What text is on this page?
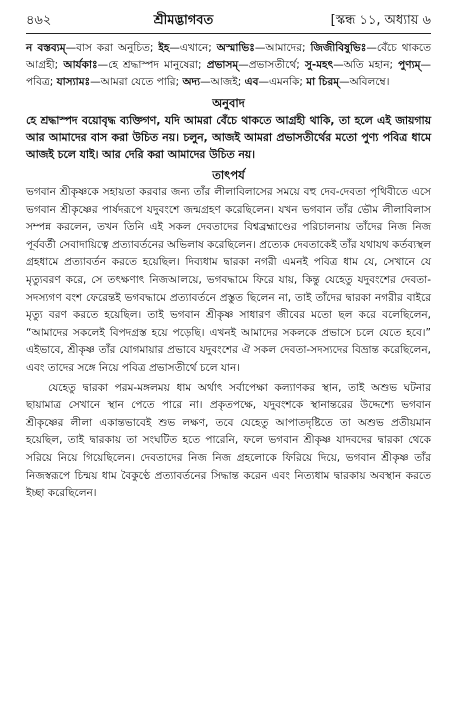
৪৬২	শ্রীমদ্ভাগবত	[স্কন্ধ ১১, অধ্যায় ৬
ন বস্তব্যম্—বাস করা অনুচিত; ইহ—এখানে; অস্মাভিঃ—আমাদের; জিজীবিষুভিঃ—বেঁচে থাকতে আগ্রহী; আর্যকাঃ—হে শ্রদ্ধাস্পদ মানুষেরা; প্রভাসম্—প্রভাসতীর্থে; সু-মহৎ—অতি মহান; পুণ্যম্—পবিত্র; যাস্যামঃ—আমরা যেতে পারি; অদ্য—আজই; এব—এমনকি; মা চিরম্—অবিলম্বে।
অনুবাদ
হে শ্রদ্ধাস্পদ বয়োবৃদ্ধ ব্যক্তিগণ, যদি আমরা বেঁচে থাকতে আগ্রহী থাকি, তা হলে এই জায়গায় আর আমাদের বাস করা উচিত নয়। চলুন, আজই আমরা প্রভাসতীর্থের মতো পুণ্য পবিত্র ধামে আজই চলে যাই। আর দেরি করা আমাদের উচিত নয়।
তাৎপর্য

ভগবান শ্রীকৃষ্ণকে সহায়তা করবার জন্য তাঁর লীলাবিলাসের সময়ে বহু দেব-দেবতা পৃথিবীতে এসে ভগবান শ্রীকৃষ্ণের পার্ষদরূপে যদুবংশে জন্মগ্রহণ করেছিলেন। যখন ভগবান তাঁর ভৌম লীলাবিলাস সম্পন্ন করলেন, তখন তিনি এই সকল দেবতাদের বিশ্বব্রহ্মাণ্ডের পরিচালনায় তাঁদের নিজ নিজ পূর্ববর্তী সেবাদায়িত্বে প্রত্যাবর্তনের অভিলাষ করেছিলেন। প্রত্যেক দেবতাকেই তাঁর যথাযথ কর্তব্যস্থল গ্রহধামে প্রত্যাবর্তন করতে হয়েছিল। দিব্যধাম দ্বারকা নগরী এমনই পবিত্র ধাম যে, সেখানে যে মৃত্যুবরণ করে, সে তৎক্ষণাৎ নিজআলয়ে, ভগবদ্ধামে ফিরে যায়, কিন্তু যেহেতু যদুবংশের দেবতা-সদস্যগণ বংশ ফেরেন্তই ভগবদ্ধামে প্রত্যাবর্তনে প্রস্তুত ছিলেন না, তাই তাঁদের দ্বারকা নগরীর বাইরে মৃত্যু বরণ করতে হয়েছিল। তাই ভগবান শ্রীকৃষ্ণ সাধারণ জীবের মতো ছল করে বলেছিলেন, “আমাদের সকলেই বিপদগ্রস্ত হয়ে পড়েছি। এখনই আমাদের সকলকে প্রভাসে চলে যেতে হবে।” এইভাবে, শ্রীকৃষ্ণ তাঁর যোগমায়ার প্রভাবে যদুবংশের ঐ সকল দেবতা-সদস্যদের বিভ্রান্ত করেছিলেন, এবং তাদের সঙ্গে নিয়ে পবিত্র প্রভাসতীর্থে চলে যান।

যেহেতু দ্বারকা পরম-মঙ্গলময় ধাম অর্থাৎ সর্বাপেক্ষা কল্যাণকর স্থান, তাই অশুভ ঘটনার ছায়ামাত্র সেখানে স্থান পেতে পারে না। প্রকৃতপক্ষে, যদুবংশকে স্থানান্তরের উদ্দেশ্যে ভগবান শ্রীকৃষ্ণের লীলা একান্তভাবেই শুভ লক্ষণ, তবে যেহেতু আপাতদৃষ্টিতে তা অশুভ প্রতীয়মান হয়েছিল, তাই দ্বারকায় তা সংঘটিত হতে পারেনি, ফলে ভগবান শ্রীকৃষ্ণ যাদবদের দ্বারকা থেকে সরিয়ে নিয়ে গিয়েছিলেন। দেবতাদের নিজ নিজ গ্রহলোকে ফিরিয়ে দিয়ে, ভগবান শ্রীকৃষ্ণ তাঁর নিজস্বরূপে চিন্ময় ধাম বৈকুণ্ঠে প্রত্যাবর্তনের সিদ্ধান্ত করেন এবং নিত্যধাম দ্বারকায় অবস্থান করতে ইচ্ছা করেছিলেন।
